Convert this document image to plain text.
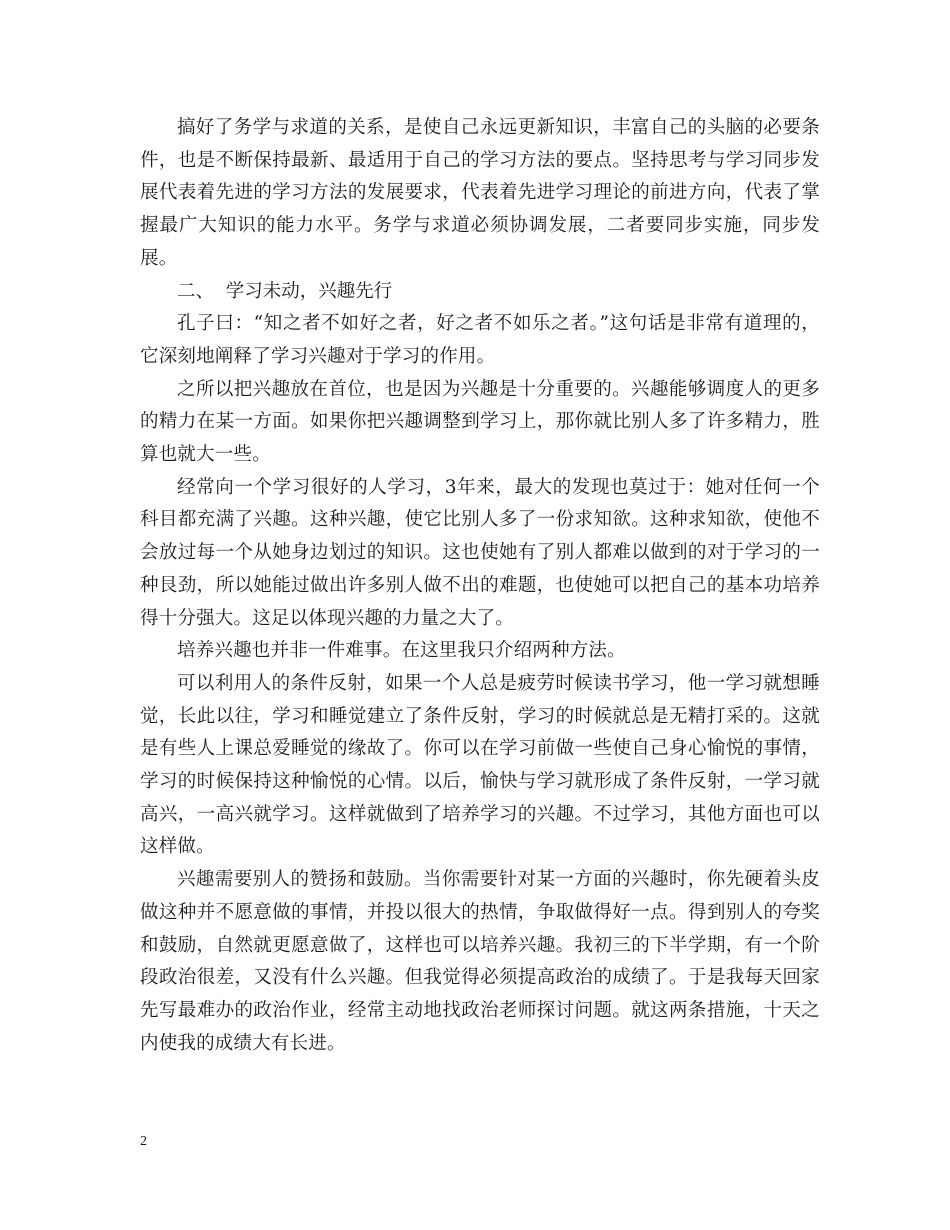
搞好了务学与求道的关系，是使自己永远更新知识，丰富自己的头脑的必要条件，也是不断保持最新、最适用于自己的学习方法的要点。坚持思考与学习同步发展代表着先进的学习方法的发展要求，代表着先进学习理论的前进方向，代表了掌握最广大知识的能力水平。务学与求道必须协调发展，二者要同步实施，同步发展。

二、  学习未动，兴趣先行

孔子曰：“知之者不如好之者，好之者不如乐之者。”这句话是非常有道理的，它深刻地阐释了学习兴趣对于学习的作用。

之所以把兴趣放在首位，也是因为兴趣是十分重要的。兴趣能够调度人的更多的精力在某一方面。如果你把兴趣调整到学习上，那你就比别人多了许多精力，胜算也就大一些。

经常向一个学习很好的人学习，3年来，最大的发现也莫过于：她对任何一个科目都充满了兴趣。这种兴趣，使它比别人多了一份求知欲。这种求知欲，使他不会放过每一个从她身边划过的知识。这也使她有了别人都难以做到的对于学习的一种艮劲，所以她能过做出许多别人做不出的难题，也使她可以把自己的基本功培养得十分强大。这足以体现兴趣的力量之大了。

培养兴趣也并非一件难事。在这里我只介绍两种方法。

可以利用人的条件反射，如果一个人总是疲劳时候读书学习，他一学习就想睡觉，长此以往，学习和睡觉建立了条件反射，学习的时候就总是无精打采的。这就是有些人上课总爱睡觉的缘故了。你可以在学习前做一些使自己身心愉悦的事情，学习的时候保持这种愉悦的心情。以后，愉快与学习就形成了条件反射，一学习就高兴，一高兴就学习。这样就做到了培养学习的兴趣。不过学习，其他方面也可以这样做。

兴趣需要别人的赞扬和鼓励。当你需要针对某一方面的兴趣时，你先硬着头皮做这种并不愿意做的事情，并投以很大的热情，争取做得好一点。得到别人的夸奖和鼓励，自然就更愿意做了，这样也可以培养兴趣。我初三的下半学期，有一个阶段政治很差，又没有什么兴趣。但我觉得必须提高政治的成绩了。于是我每天回家先写最难办的政治作业，经常主动地找政治老师探讨问题。就这两条措施，十天之内使我的成绩大有长进。

2
